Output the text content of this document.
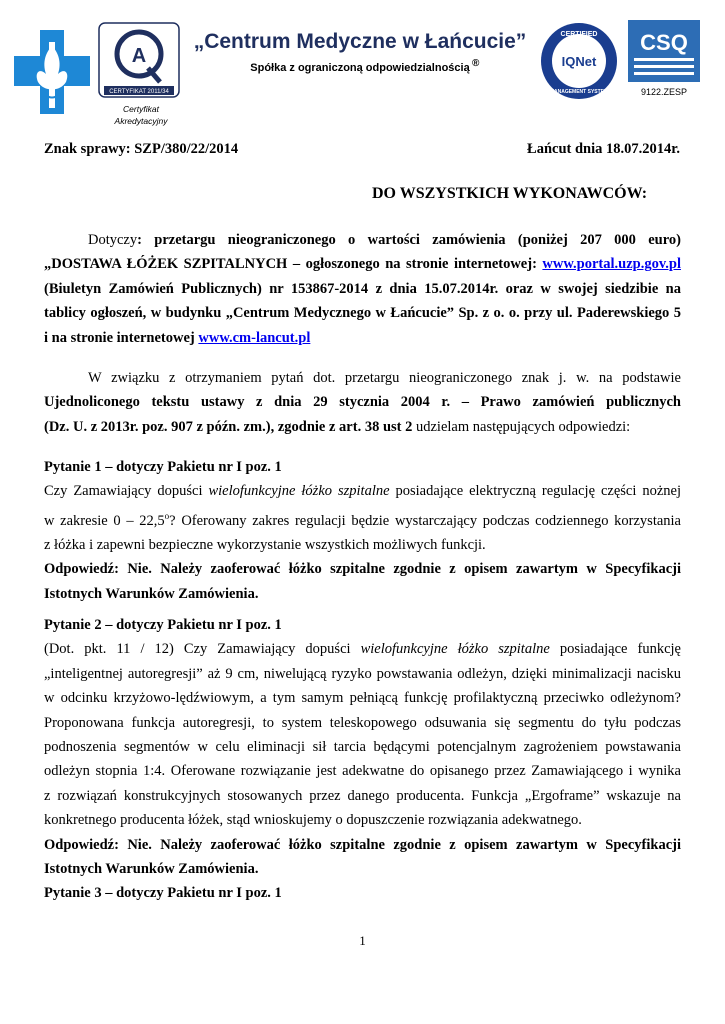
A
CERTYFIKAT 2011/34
Certyfikat
Akredytacyjny
„Centrum Medyczne w Łańcucie”
Spółka z ograniczoną odpowiedzialnością ®
CERTIFIED
IQNet
MANAGEMENT SYSTEM
CSQ
9122.ZESP
Znak sprawy: SZP/380/22/2014	Łańcut dnia 18.07.2014r.
DO WSZYSTKICH WYKONAWCÓW:
Dotyczy: przetargu nieograniczonego o wartości zamówienia (poniżej 207 000 euro)
„DOSTAWA ŁÓŻEK SZPITALNYCH – ogłoszonego na stronie internetowej: www.portal.uzp.gov.pl
(Biuletyn Zamówień Publicznych) nr 153867-2014 z dnia 15.07.2014r. oraz w swojej siedzibie na
tablicy ogłoszeń, w budynku „Centrum Medycznego w Łańcucie” Sp. z o. o. przy ul. Paderewskiego 5
i na stronie internetowej www.cm-lancut.pl
W związku z otrzymaniem pytań dot. przetargu nieograniczonego znak j. w. na podstawie
Ujednoliconego tekstu ustawy z dnia 29 stycznia 2004 r. – Prawo zamówień publicznych
(Dz. U. z 2013r. poz. 907 z późn. zm.), zgodnie z art. 38 ust 2 udzielam następujących odpowiedzi:
Pytanie 1 – dotyczy Pakietu nr I poz. 1
Czy Zamawiający dopuści wielofunkcyjne łóżko szpitalne posiadające elektryczną regulację części nożnej
w zakresie 0 – 22,5$^o$? Oferowany zakres regulacji będzie wystarczający podczas codziennego korzystania
z łóżka i zapewni bezpieczne wykorzystanie wszystkich możliwych funkcji.
Odpowiedź: Nie. Należy zaoferować łóżko szpitalne zgodnie z opisem zawartym w Specyfikacji
Istotnych Warunków Zamówienia.
Pytanie 2 – dotyczy Pakietu nr I poz. 1
(Dot. pkt. 11 / 12) Czy Zamawiający dopuści wielofunkcyjne łóżko szpitalne posiadające funkcję
„inteligentnej autoregresji” aż 9 cm, niwelującą ryzyko powstawania odleżyn, dzięki minimalizacji nacisku
w odcinku krzyżowo-lędźwiowym, a tym samym pełniącą funkcję profilaktyczną przeciwko odleżynom?
Proponowana funkcja autoregresji, to system teleskopowego odsuwania się segmentu do tyłu podczas
podnoszenia segmentów w celu eliminacji sił tarcia będącymi potencjalnym zagrożeniem powstawania
odleżyn stopnia 1:4. Oferowane rozwiązanie jest adekwatne do opisanego przez Zamawiającego i wynika
z rozwiązań konstrukcyjnych stosowanych przez danego producenta. Funkcja „Ergoframe” wskazuje na
konkretnego producenta łóżek, stąd wnioskujemy o dopuszczenie rozwiązania adekwatnego.
Odpowiedź: Nie. Należy zaoferować łóżko szpitalne zgodnie z opisem zawartym w Specyfikacji
Istotnych Warunków Zamówienia.
Pytanie 3 – dotyczy Pakietu nr I poz. 1
1
